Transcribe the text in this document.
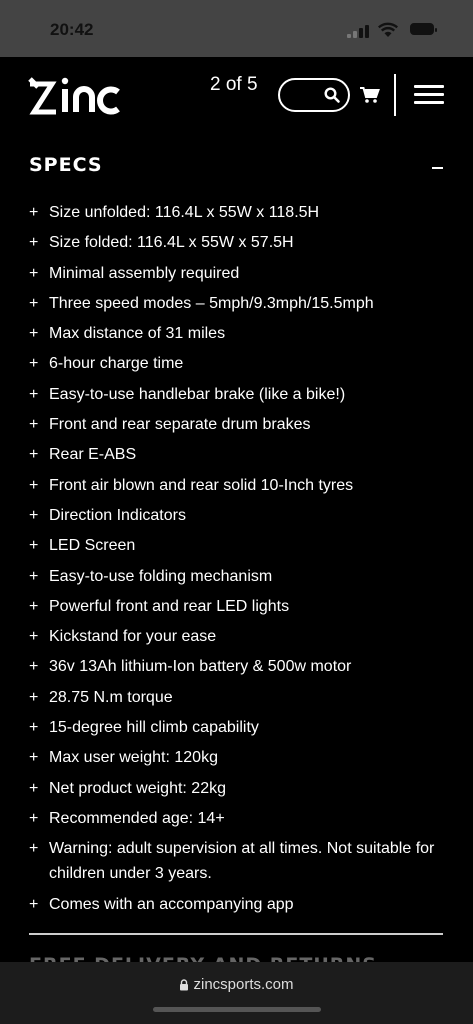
20:42
ZINC	2 of 5
SPECS
+ Size unfolded: 116.4L x 55W x 118.5H
+ Size folded: 116.4L x 55W x 57.5H
+ Minimal assembly required
+ Three speed modes – 5mph/9.3mph/15.5mph
+ Max distance of 31 miles
+ 6-hour charge time
+ Easy-to-use handlebar brake (like a bike!)
+ Front and rear separate drum brakes
+ Rear E-ABS
+ Front air blown and rear solid 10-Inch tyres
+ Direction Indicators
+ LED Screen
+ Easy-to-use folding mechanism
+ Powerful front and rear LED lights
+ Kickstand for your ease
+ 36v 13Ah lithium-Ion battery & 500w motor
+ 28.75 N.m torque
+ 15-degree hill climb capability
+ Max user weight: 120kg
+ Net product weight: 22kg
+ Recommended age: 14+
+ Warning: adult supervision at all times. Not suitable for children under 3 years.
+ Comes with an accompanying app
zincsports.com
